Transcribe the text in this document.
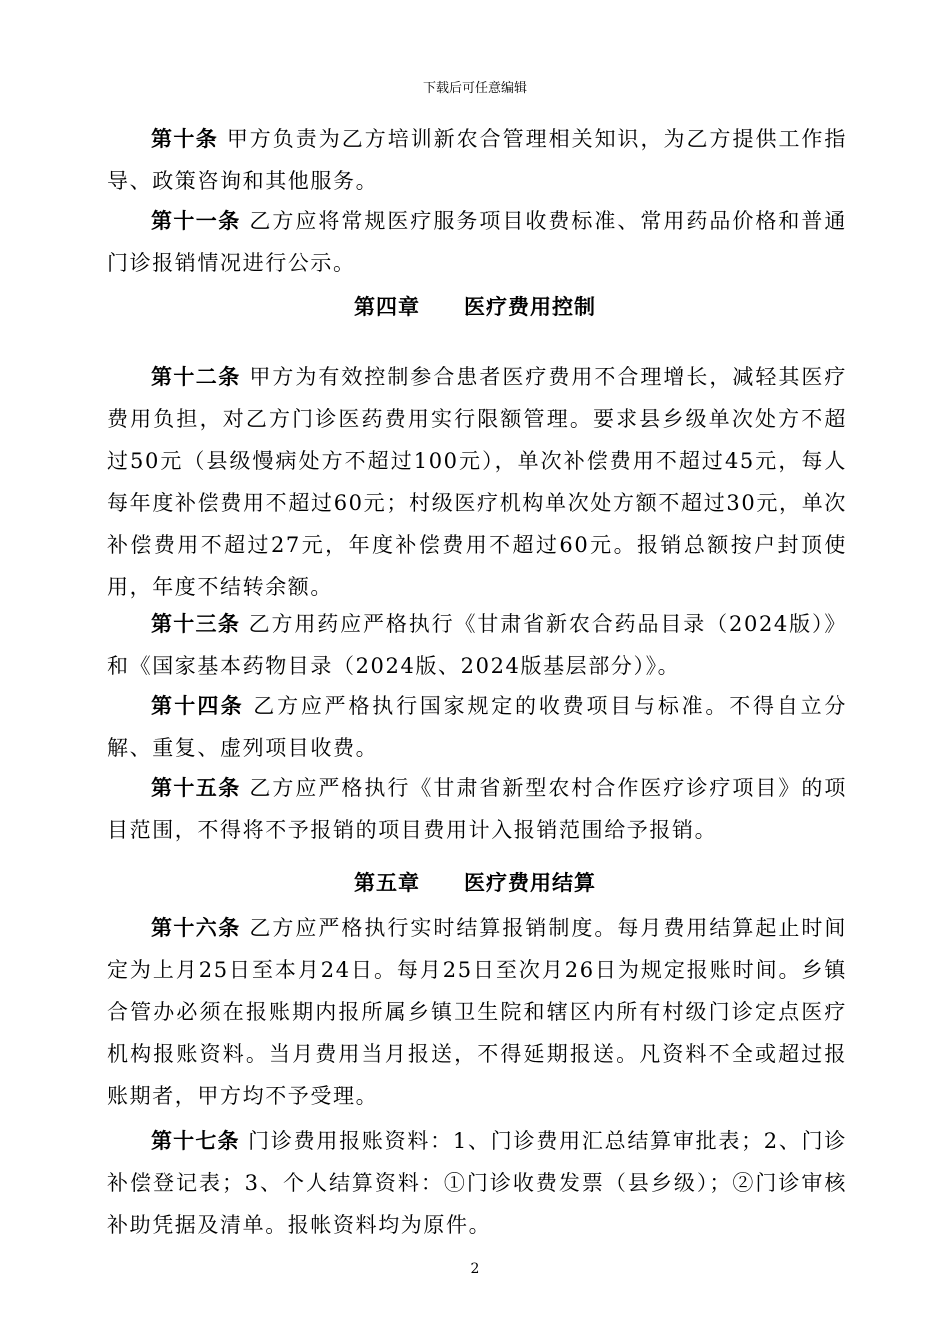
下载后可任意编辑
第十条 甲方负责为乙方培训新农合管理相关知识，为乙方提供工作指导、政策咨询和其他服务。
第十一条 乙方应将常规医疗服务项目收费标准、常用药品价格和普通门诊报销情况进行公示。
第四章　　医疗费用控制
第十二条 甲方为有效控制参合患者医疗费用不合理增长，减轻其医疗费用负担，对乙方门诊医药费用实行限额管理。要求县乡级单次处方不超过50元（县级慢病处方不超过100元），单次补偿费用不超过45元，每人每年度补偿费用不超过60元；村级医疗机构单次处方额不超过30元，单次补偿费用不超过27元，年度补偿费用不超过60元。报销总额按户封顶使用，年度不结转余额。
第十三条 乙方用药应严格执行《甘肃省新农合药品目录（2024版）》和《国家基本药物目录（2024版、2024版基层部分）》。
第十四条 乙方应严格执行国家规定的收费项目与标准。不得自立分解、重复、虚列项目收费。
第十五条 乙方应严格执行《甘肃省新型农村合作医疗诊疗项目》的项目范围，不得将不予报销的项目费用计入报销范围给予报销。
第五章　　医疗费用结算
第十六条 乙方应严格执行实时结算报销制度。每月费用结算起止时间定为上月25日至本月24日。每月25日至次月26日为规定报账时间。乡镇合管办必须在报账期内报所属乡镇卫生院和辖区内所有村级门诊定点医疗机构报账资料。当月费用当月报送，不得延期报送。凡资料不全或超过报账期者，甲方均不予受理。
第十七条 门诊费用报账资料：1、门诊费用汇总结算审批表；2、门诊补偿登记表；3、个人结算资料：①门诊收费发票（县乡级）；②门诊审核补助凭据及清单。报帐资料均为原件。
2
